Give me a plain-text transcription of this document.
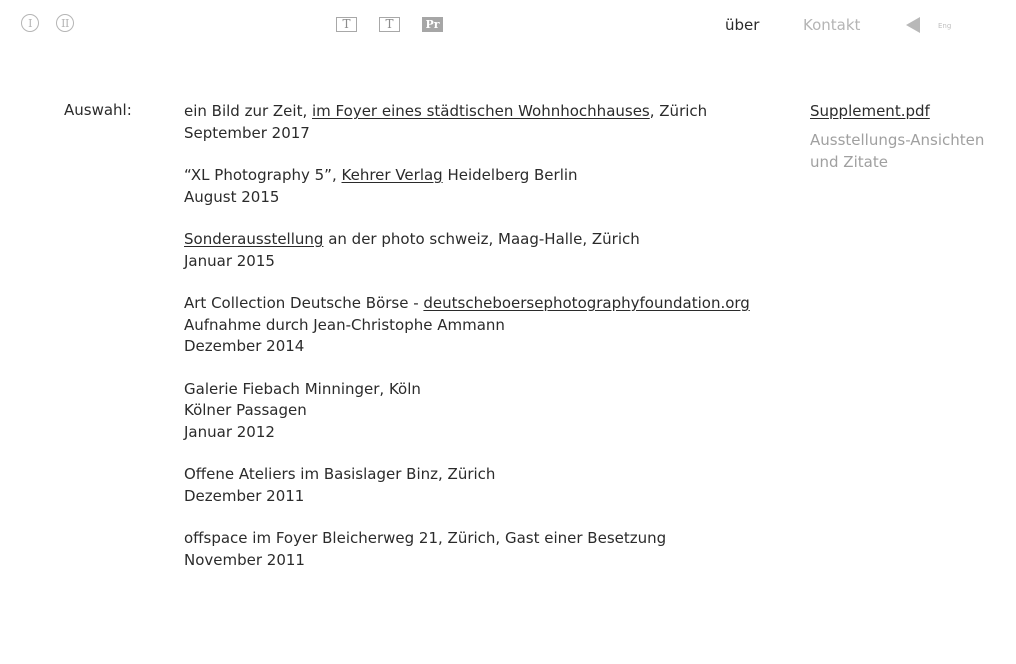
I	II	T	T	Pr	über	Kontakt	Eng
Auswahl:	ein Bild zur Zeit, im Foyer eines städtischen Wohnhochhauses, Zürich
September 2017
“XL Photography 5”, Kehrer Verlag Heidelberg Berlin
August 2015
Sonderausstellung an der photo schweiz, Maag-Halle, Zürich
Januar 2015
Art Collection Deutsche Börse - deutscheboersephotographyfoundation.org
Aufnahme durch Jean-Christophe Ammann
Dezember 2014
Galerie Fiebach Minninger, Köln
Kölner Passagen
Januar 2012
Offene Ateliers im Basislager Binz, Zürich
Dezember 2011
offspace im Foyer Bleicherweg 21, Zürich, Gast einer Besetzung
November 2011
Supplement.pdf
Ausstellungs-Ansichten
und Zitate
